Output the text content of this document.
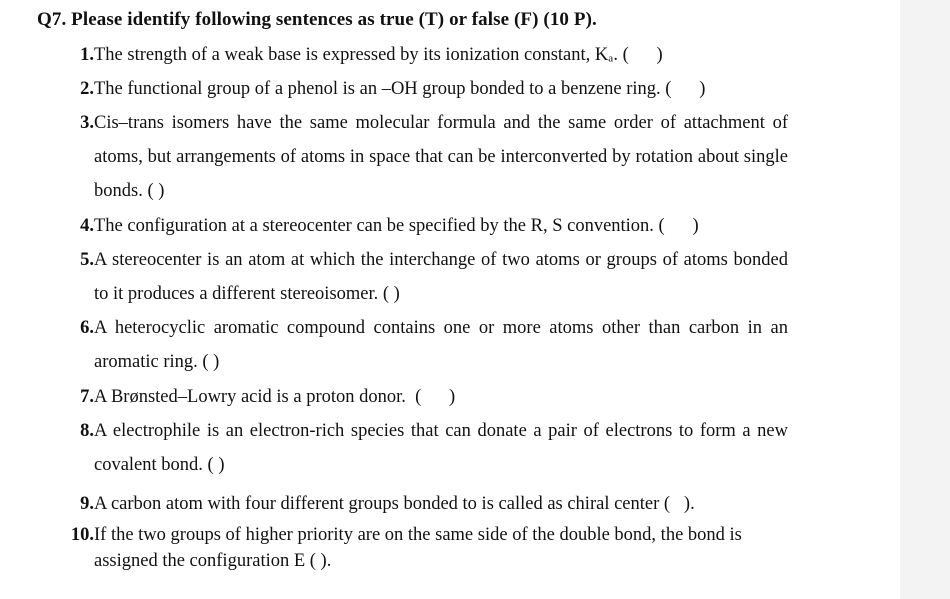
Q7. Please identify following sentences as true (T) or false (F) (10 P).
1. The strength of a weak base is expressed by its ionization constant, Kₐ. (      )
2. The functional group of a phenol is an –OH group bonded to a benzene ring. (      )
3. Cis–trans isomers have the same molecular formula and the same order of attachment of atoms, but arrangements of atoms in space that can be interconverted by rotation about single bonds. ( )
4. The configuration at a stereocenter can be specified by the R, S convention. (      )
5. A stereocenter is an atom at which the interchange of two atoms or groups of atoms bonded to it produces a different stereoisomer. ( )
6. A heterocyclic aromatic compound contains one or more atoms other than carbon in an aromatic ring. ( )
7. A Brønsted–Lowry acid is a proton donor.  (      )
8. A electrophile is an electron-rich species that can donate a pair of electrons to form a new covalent bond. ( )
9. A carbon atom with four different groups bonded to is called as chiral center (   ).
10. If the two groups of higher priority are on the same side of the double bond, the bond is assigned the configuration E ( ).
